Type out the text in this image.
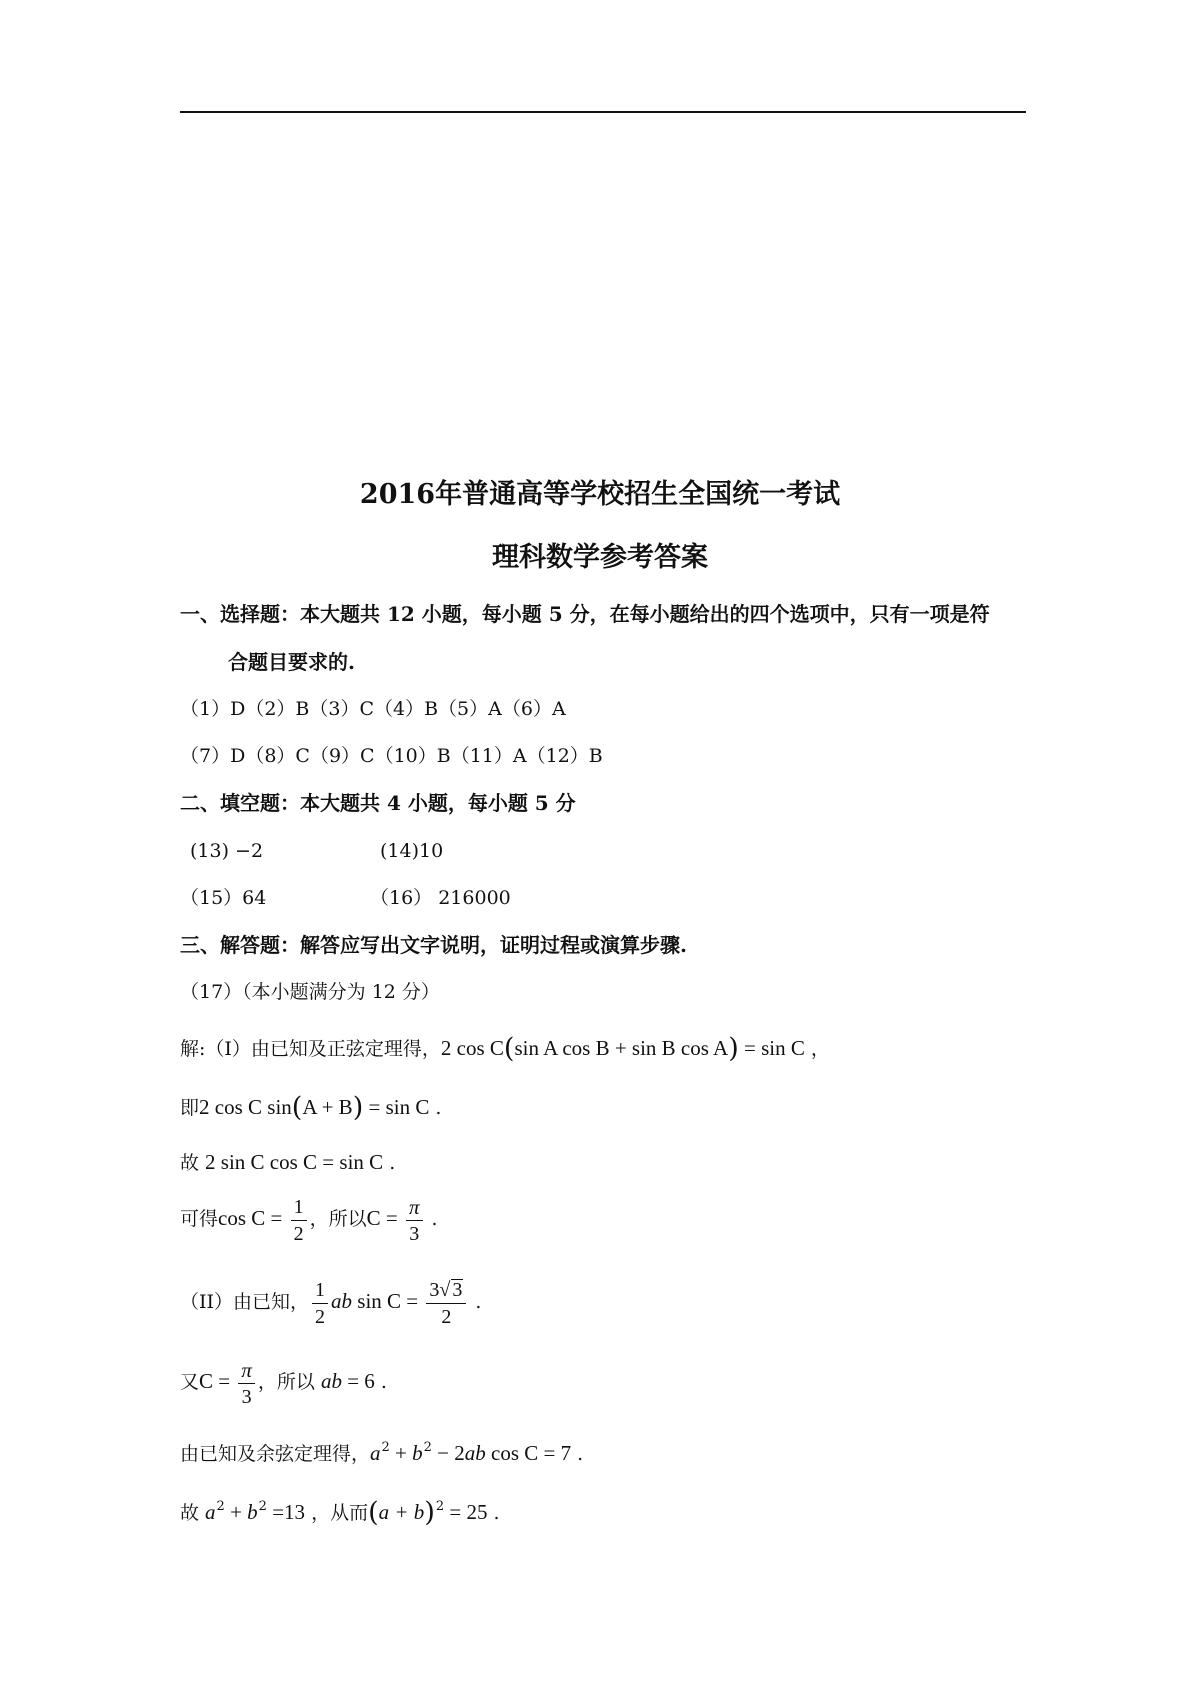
2016年普通高等学校招生全国统一考试
理科数学参考答案
一、选择题：本大题共 12 小题，每小题 5 分，在每小题给出的四个选项中，只有一项是符
合题目要求的.
（1）D（2）B（3）C（4）B（5）A（6）A
（7）D（8）C（9）C（10）B（11）A（12）B
二、填空题：本大题共 4 小题，每小题 5 分
(13) −2	(14)10
（15）64	（16） 216000
三、解答题：解答应写出文字说明，证明过程或演算步骤.
（17）（本小题满分为 12 分）
解:（I）由已知及正弦定理得，2 cos C(sin A cos B + sin B cos A) = sin C ，
即2 cos C sin(A + B) = sin C .
故 2 sin C cos C = sin C .
可得$\cos C = \frac{1}{2}$ ，所以$C = \frac{\pi}{3}$ .
（II）由已知， $\frac{1}{2}$ ab $\sin C = \frac{3√ 3}{2}$ .
又$C = \frac{\pi}{3}$ ，所以 ab = 6 .
由已知及余弦定理得，$a^2 + b^2 - 2ab$ cos C = 7 .
故 $a^2 + b^2 =13$ ，从而$(a + b)^2 = 25$ .
